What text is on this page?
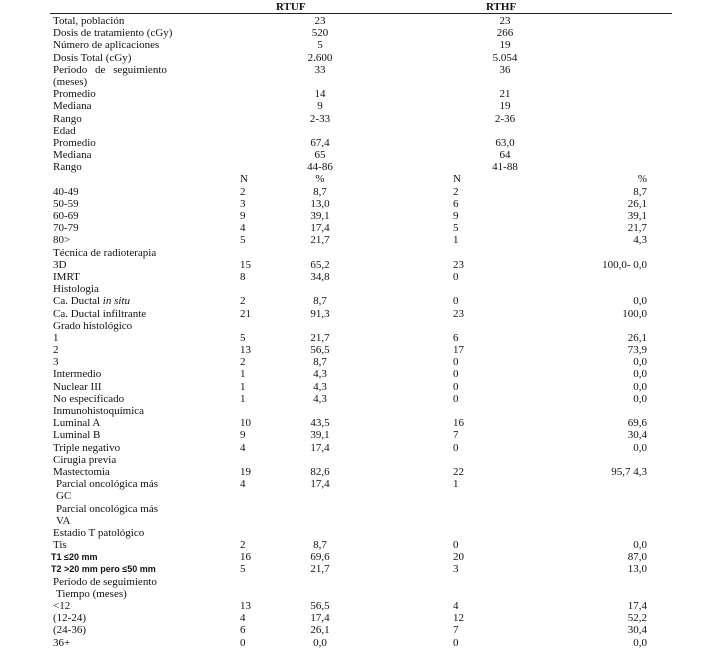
RTUF	RTHF
Total, población	23	23
Dosis de tratamiento (cGy)	520	266
Número de aplicaciones	5	19
Dosis Total (cGy)	2.600	5.054
Periodo de seguimiento	33	36
(meses)
Promedio	14	21
Mediana	9	19
Rango	2-33	2-36
Edad
Promedio	67,4	63,0
Mediana	65	64
Rango	44-86	41-88
N	%	N	%
40-49	2	8,7	2	8,7
50-59	3	13,0	6	26,1
60-69	9	39,1	9	39,1
70-79	4	17,4	5	21,7
80>	5	21,7	1	4,3
Técnica de radioterapia
3D	15	65,2	23	100,0- 0,0
IMRT	8	34,8	0
Histologia
Ca. Ductal in situ	2	8,7	0	0,0
Ca. Ductal infiltrante	21	91,3	23	100,0
Grado histológico
1	5	21,7	6	26,1
2	13	56,5	17	73,9
3	2	8,7	0	0,0
Intermedio	1	4,3	0	0,0
Nuclear III	1	4,3	0	0,0
No especificado	1	4,3	0	0,0
Inmunohistoquímica
Luminal A	10	43,5	16	69,6
Luminal B	9	39,1	7	30,4
Triple negativo	4	17,4	0	0,0
Cirugia previa
Mastectomia	19	82,6	22	95,7 4,3
Parcial oncológica más	4	17,4	1
GC
Parcial oncológica más
VA
Estadio T patológico
Tis	2	8,7	0	0,0
T1 ≤20 mm	16	69,6	20	87,0
T2 >20 mm pero ≤50 mm	5	21,7	3	13,0
Periodo de seguimiento
Tiempo (meses)
<12	13	56,5	4	17,4
(12-24)	4	17,4	12	52,2
(24-36)	6	26,1	7	30,4
36+	0	0,0	0	0,0
